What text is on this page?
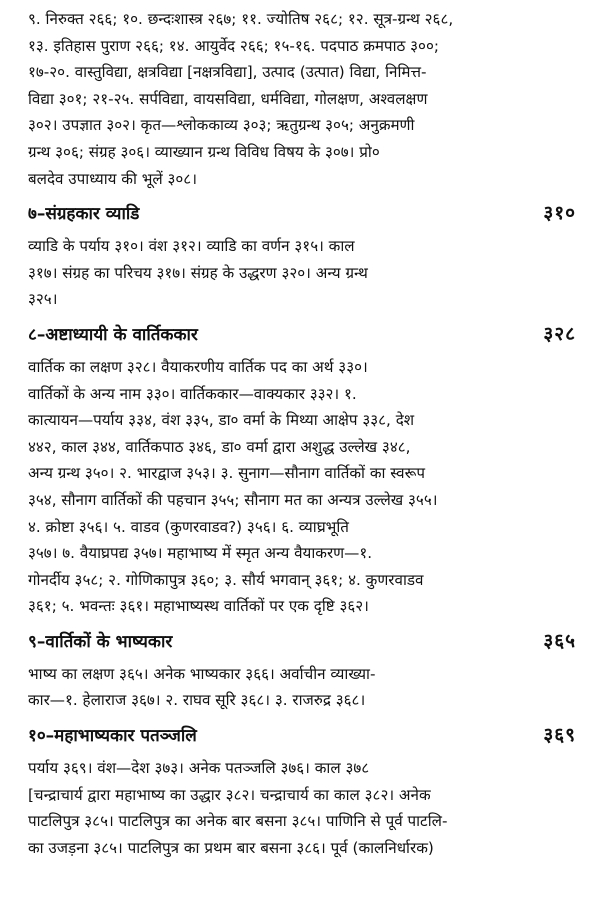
९. निरुक्त २६६; १०. छन्दःशास्त्र २६७; ११. ज्योतिष २६८; १२. सूत्र-ग्रन्थ २६८,
१३. इतिहास पुराण २६६; १४. आयुर्वेद २६६; १५-१६. पदपाठ क्रमपाठ ३००;
१७-२०. वास्तुविद्या, क्षत्रविद्या [नक्षत्रविद्या], उत्पाद (उत्पात) विद्या, निमित्त-
विद्या ३०१; २१-२५. सर्पविद्या, वायसविद्या, धर्मविद्या, गोलक्षण, अश्वलक्षण
३०२। उपज्ञात ३०२। कृत—श्लोककाव्य ३०३; ऋतुग्रन्थ ३०५; अनुक्रमणी
ग्रन्थ ३०६; संग्रह ३०६। व्याख्यान ग्रन्थ विविध विषय के ३०७। प्रो०
बलदेव उपाध्याय की भूलें ३०८।

७–संग्रहकार व्याडि	३१०

व्याडि के पर्याय ३१०। वंश ३१२। व्याडि का वर्णन ३१५। काल
३१७। संग्रह का परिचय ३१७। संग्रह के उद्धरण ३२०। अन्य ग्रन्थ
३२५।

८–अष्टाध्यायी के वार्तिककार	३२८

वार्तिक का लक्षण ३२८। वैयाकरणीय वार्तिक पद का अर्थ ३३०।
वार्तिकों के अन्य नाम ३३०। वार्तिककार—वाक्यकार ३३२। १.
कात्यायन—पर्याय ३३४, वंश ३३५, डा० वर्मा के मिथ्या आक्षेप ३३८, देश
४४२, काल ३४४, वार्तिकपाठ ३४६, डा० वर्मा द्वारा अशुद्ध उल्लेख ३४८,
अन्य ग्रन्थ ३५०। २. भारद्वाज ३५३। ३. सुनाग—सौनाग वार्तिकों का स्वरूप
३५४, सौनाग वार्तिकों की पहचान ३५५; सौनाग मत का अन्यत्र उल्लेख ३५५।
४. क्रोष्टा ३५६। ५. वाडव (कुणरवाडव?) ३५६। ६. व्याघ्रभूति
३५७। ७. वैयाघ्रपद्य ३५७। महाभाष्य में स्मृत अन्य वैयाकरण—१.
गोनर्दीय ३५८; २. गोणिकापुत्र ३६०; ३. सौर्य भगवान् ३६१; ४. कुणरवाडव
३६१; ५. भवन्तः ३६१। महाभाष्यस्थ वार्तिकों पर एक दृष्टि ३६२।

९–वार्तिकों के भाष्यकार	३६५

भाष्य का लक्षण ३६५। अनेक भाष्यकार ३६६। अर्वाचीन व्याख्या-
कार—१. हेलाराज ३६७। २. राघव सूरि ३६८। ३. राजरुद्र ३६८।

१०–महाभाष्यकार पतञ्जलि	३६९

पर्याय ३६९। वंश—देश ३७३। अनेक पतञ्जलि ३७६। काल ३७८
[चन्द्राचार्य द्वारा महाभाष्य का उद्धार ३८२। चन्द्राचार्य का काल ३८२। अनेक
पाटलिपुत्र ३८५। पाटलिपुत्र का अनेक बार बसना ३८५। पाणिनि से पूर्व पाटलि-
का उजड़ना ३८५। पाटलिपुत्र का प्रथम बार बसना ३८६। पूर्व (कालनिर्धारक)
